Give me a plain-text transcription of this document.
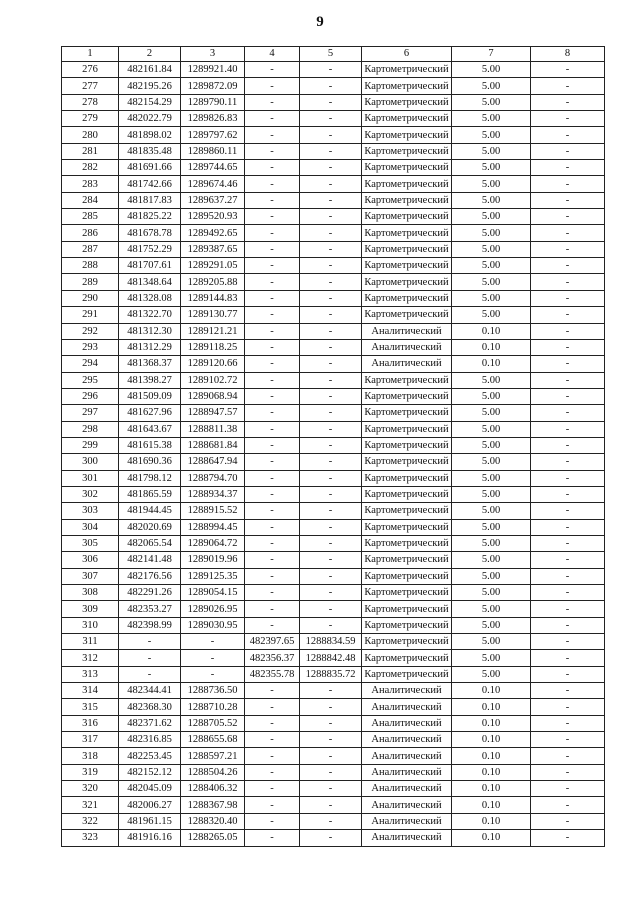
9
1	2	3	4	5	6	7	8
276	482161.84	1289921.40	-	-	Картометрический	5.00	-
277	482195.26	1289872.09	-	-	Картометрический	5.00	-
278	482154.29	1289790.11	-	-	Картометрический	5.00	-
279	482022.79	1289826.83	-	-	Картометрический	5.00	-
280	481898.02	1289797.62	-	-	Картометрический	5.00	-
281	481835.48	1289860.11	-	-	Картометрический	5.00	-
282	481691.66	1289744.65	-	-	Картометрический	5.00	-
283	481742.66	1289674.46	-	-	Картометрический	5.00	-
284	481817.83	1289637.27	-	-	Картометрический	5.00	-
285	481825.22	1289520.93	-	-	Картометрический	5.00	-
286	481678.78	1289492.65	-	-	Картометрический	5.00	-
287	481752.29	1289387.65	-	-	Картометрический	5.00	-
288	481707.61	1289291.05	-	-	Картометрический	5.00	-
289	481348.64	1289205.88	-	-	Картометрический	5.00	-
290	481328.08	1289144.83	-	-	Картометрический	5.00	-
291	481322.70	1289130.77	-	-	Картометрический	5.00	-
292	481312.30	1289121.21	-	-	Аналитический	0.10	-
293	481312.29	1289118.25	-	-	Аналитический	0.10	-
294	481368.37	1289120.66	-	-	Аналитический	0.10	-
295	481398.27	1289102.72	-	-	Картометрический	5.00	-
296	481509.09	1289068.94	-	-	Картометрический	5.00	-
297	481627.96	1288947.57	-	-	Картометрический	5.00	-
298	481643.67	1288811.38	-	-	Картометрический	5.00	-
299	481615.38	1288681.84	-	-	Картометрический	5.00	-
300	481690.36	1288647.94	-	-	Картометрический	5.00	-
301	481798.12	1288794.70	-	-	Картометрический	5.00	-
302	481865.59	1288934.37	-	-	Картометрический	5.00	-
303	481944.45	1288915.52	-	-	Картометрический	5.00	-
304	482020.69	1288994.45	-	-	Картометрический	5.00	-
305	482065.54	1289064.72	-	-	Картометрический	5.00	-
306	482141.48	1289019.96	-	-	Картометрический	5.00	-
307	482176.56	1289125.35	-	-	Картометрический	5.00	-
308	482291.26	1289054.15	-	-	Картометрический	5.00	-
309	482353.27	1289026.95	-	-	Картометрический	5.00	-
310	482398.99	1289030.95	-	-	Картометрический	5.00	-
311	-	-	482397.65	1288834.59	Картометрический	5.00	-
312	-	-	482356.37	1288842.48	Картометрический	5.00	-
313	-	-	482355.78	1288835.72	Картометрический	5.00	-
314	482344.41	1288736.50	-	-	Аналитический	0.10	-
315	482368.30	1288710.28	-	-	Аналитический	0.10	-
316	482371.62	1288705.52	-	-	Аналитический	0.10	-
317	482316.85	1288655.68	-	-	Аналитический	0.10	-
318	482253.45	1288597.21	-	-	Аналитический	0.10	-
319	482152.12	1288504.26	-	-	Аналитический	0.10	-
320	482045.09	1288406.32	-	-	Аналитический	0.10	-
321	482006.27	1288367.98	-	-	Аналитический	0.10	-
322	481961.15	1288320.40	-	-	Аналитический	0.10	-
323	481916.16	1288265.05	-	-	Аналитический	0.10	-
